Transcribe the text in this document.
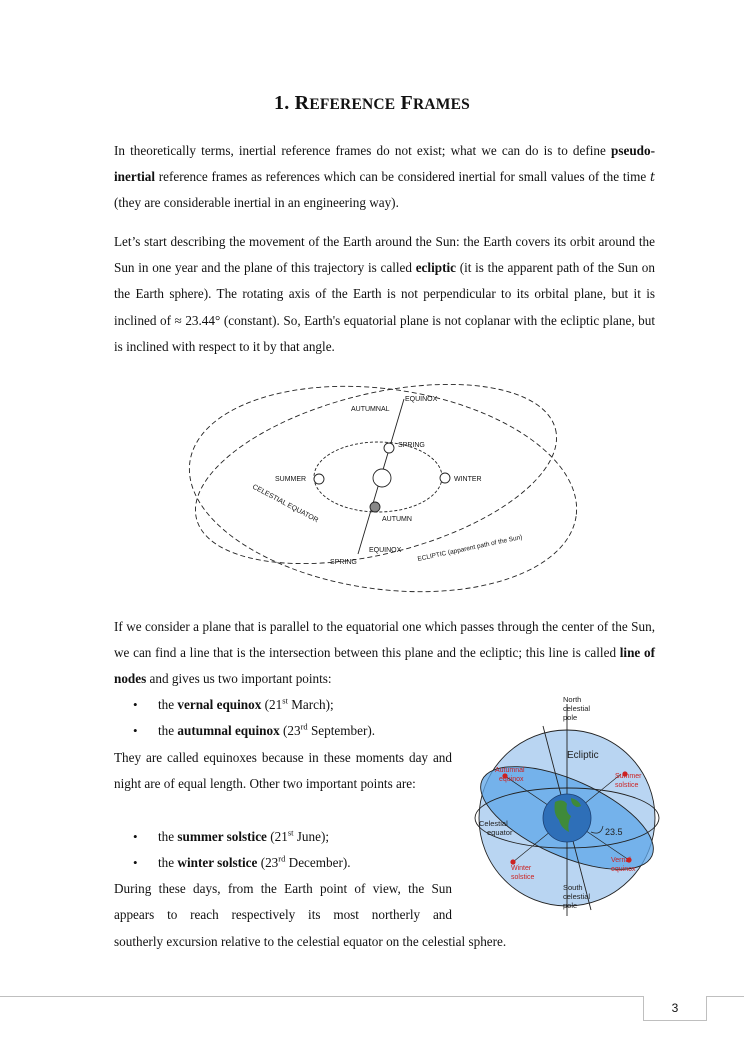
1. REFERENCE FRAMES

In theoretically terms, inertial reference frames do not exist; what we can do is to define pseudo-inertial reference frames as references which can be considered inertial for small values of the time t (they are considerable inertial in an engineering way).

Let’s start describing the movement of the Earth around the Sun: the Earth covers its orbit around the Sun in one year and the plane of this trajectory is called ecliptic (it is the apparent path of the Sun on the Earth sphere). The rotating axis of the Earth is not perpendicular to its orbital plane, but it is inclined of ≈ 23.44° (constant). So, Earth's equatorial plane is not coplanar with the ecliptic plane, but is inclined with respect to it by that angle.

AUTUMNAL
EQUINOX
SPRING
SUMMER	WINTER
AUTUMN
EQUINOX
SPRING
CELESTIAL EQUATOR
ECLIPTIC (apparent path of the Sun)

If we consider a plane that is parallel to the equatorial one which passes through the center of the Sun, we can find a line that is the intersection between this plane and the ecliptic; this line is called line of nodes and gives us two important points:

• the vernal equinox (21st March);
• the autumnal equinox (23rd September).

They are called equinoxes because in these moments day and night are of equal length. Other two important points are:

• the summer solstice (21st June);
• the winter solstice (23rd December).

During these days, from the Earth point of view, the Sun appears to reach respectively its most northerly and

southerly excursion relative to the celestial equator on the celestial sphere.

North
celestial
pole
Ecliptic
Celestial
equator	23.5
South
celestial
pole
Autumnal
equinox	Summer
solstice
Vernal
equinox
Winter
solstice
3
